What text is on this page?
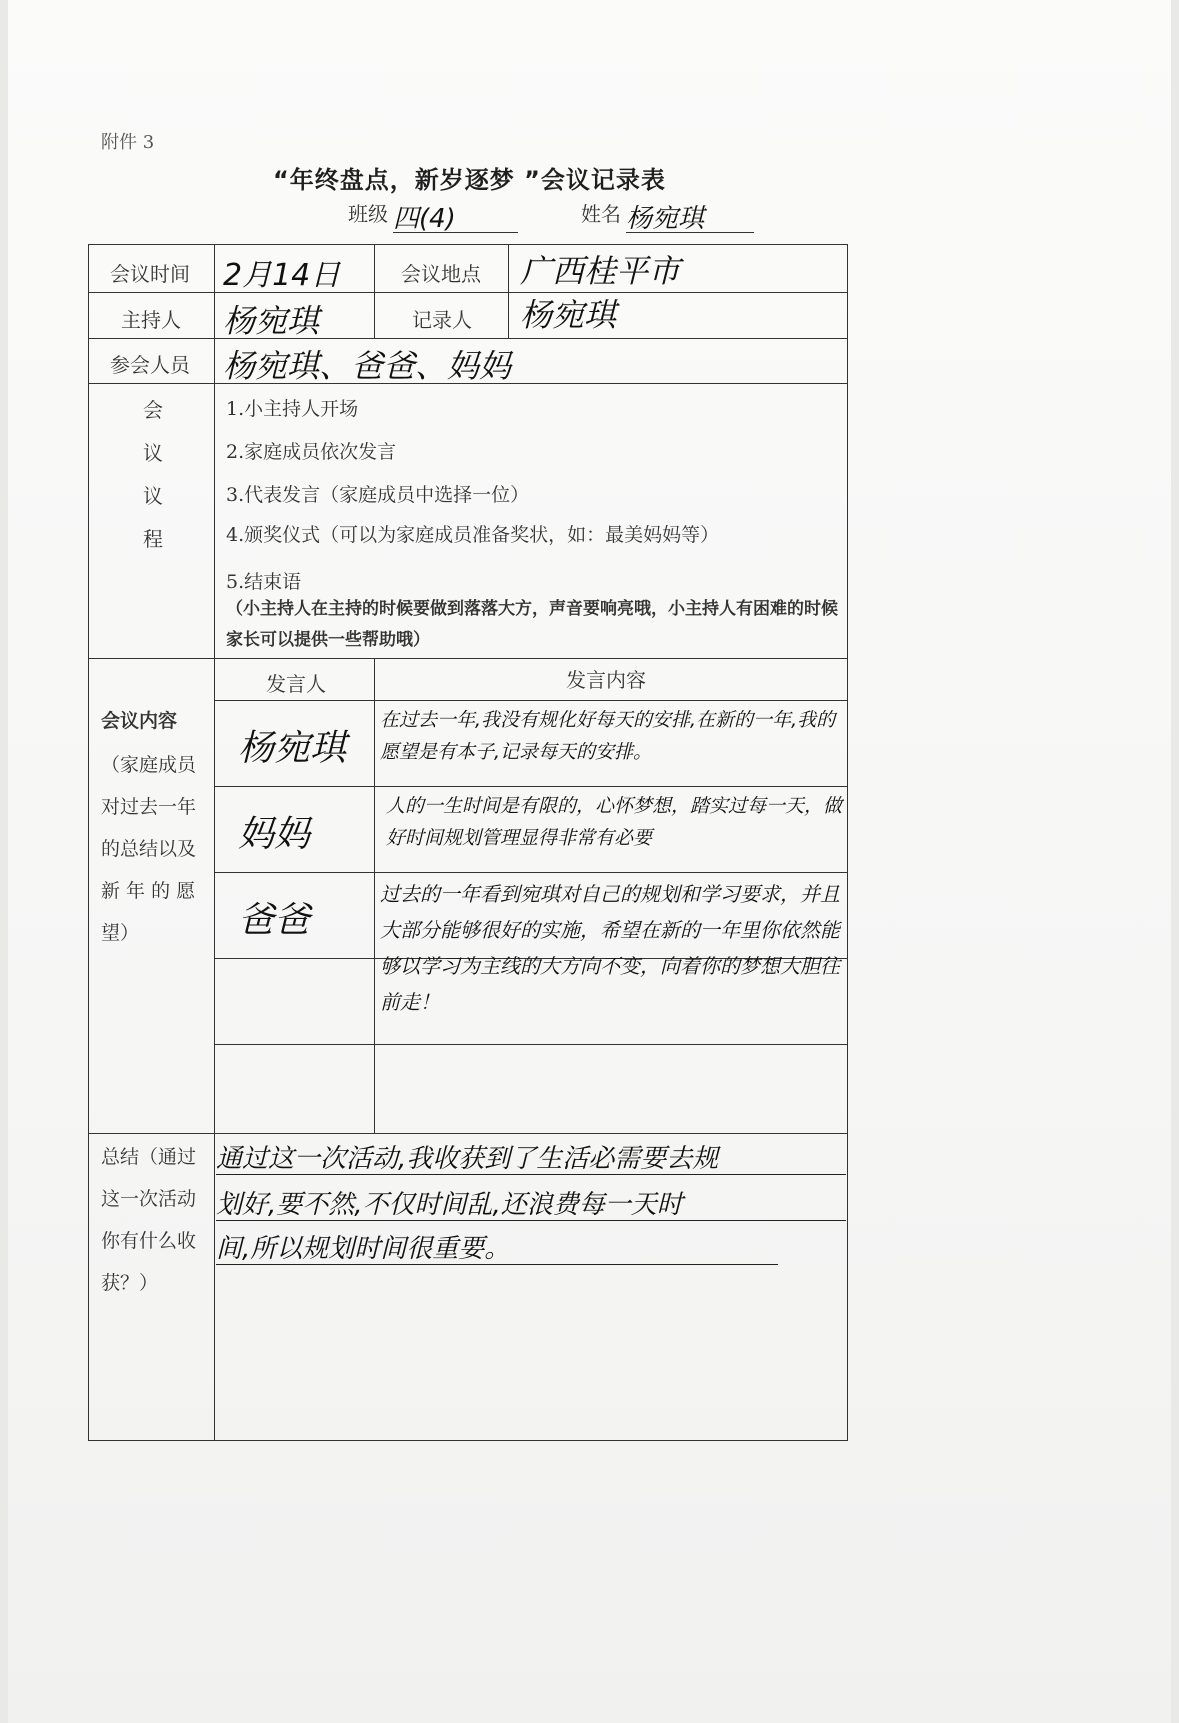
附件 3
“年终盘点，新岁逐梦 ”会议记录表
班级 四(4)	姓名 杨宛琪
会议时间 2月14日	会议地点 广西桂平市
主持人 杨宛琪	记录人 杨宛琪
参会人员 杨宛琪、爸爸、妈妈
会
议
议
程
1.小主持人开场
2.家庭成员依次发言
3.代表发言（家庭成员中选择一位）
4.颁奖仪式（可以为家庭成员准备奖状，如：最美妈妈等）
5.结束语
（小主持人在主持的时候要做到落落大方，声音要响亮哦，小主持人有困难的时候家长可以提供一些帮助哦）
会议内容
（家庭成员对过去一年的总结以及新 年 的 愿望）
发言人	发言内容
杨宛琪
在过去一年,我没有规化好每天的安排,在新的一年,我的愿望是有本子,记录每天的安排。
妈妈
人的一生时间是有限的，心怀梦想，踏实过每一天，做好时间规划管理显得非常有必要
爸爸
过去的一年看到宛琪对自己的规划和学习要求，并且大部分能够很好的实施，希望在新的一年里你依然能够以学习为主线的大方向不变，向着你的梦想大胆往前走！
总结（通过这一次活动你有什么收获？）
通过这一次活动,我收获到了生活必需要去规
划好,要不然,不仅时间乱,还浪费每一天时
间,所以规划时间很重要。
